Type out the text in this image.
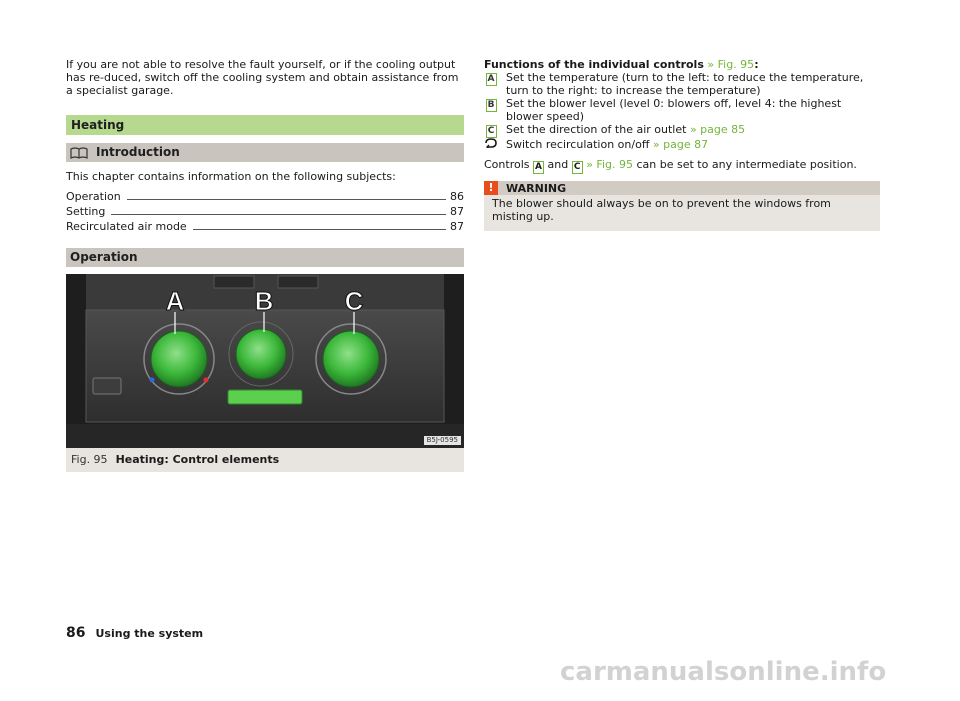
If you are not able to resolve the fault yourself, or if the cooling output has re-duced, switch off the cooling system and obtain assistance from a specialist garage.

Heating
Introduction

This chapter contains information on the following subjects:

Operation	86
Setting	87
Recirculated air mode	87
Operation
A	B	C
B5J-0595
Fig. 95 Heating: Control elements

Functions of the individual controls » Fig. 95:

A	Set the temperature (turn to the left: to reduce the temperature, turn to the right: to increase the temperature)
B	Set the blower level (level 0: blowers off, level 4: the highest blower speed)
C	Set the direction of the air outlet » page 85
Switch recirculation on/off » page 87

Controls A and C » Fig. 95 can be set to any intermediate position.

!	WARNING
The blower should always be on to prevent the windows from misting up.
86 Using the system
carmanualsonline.info
